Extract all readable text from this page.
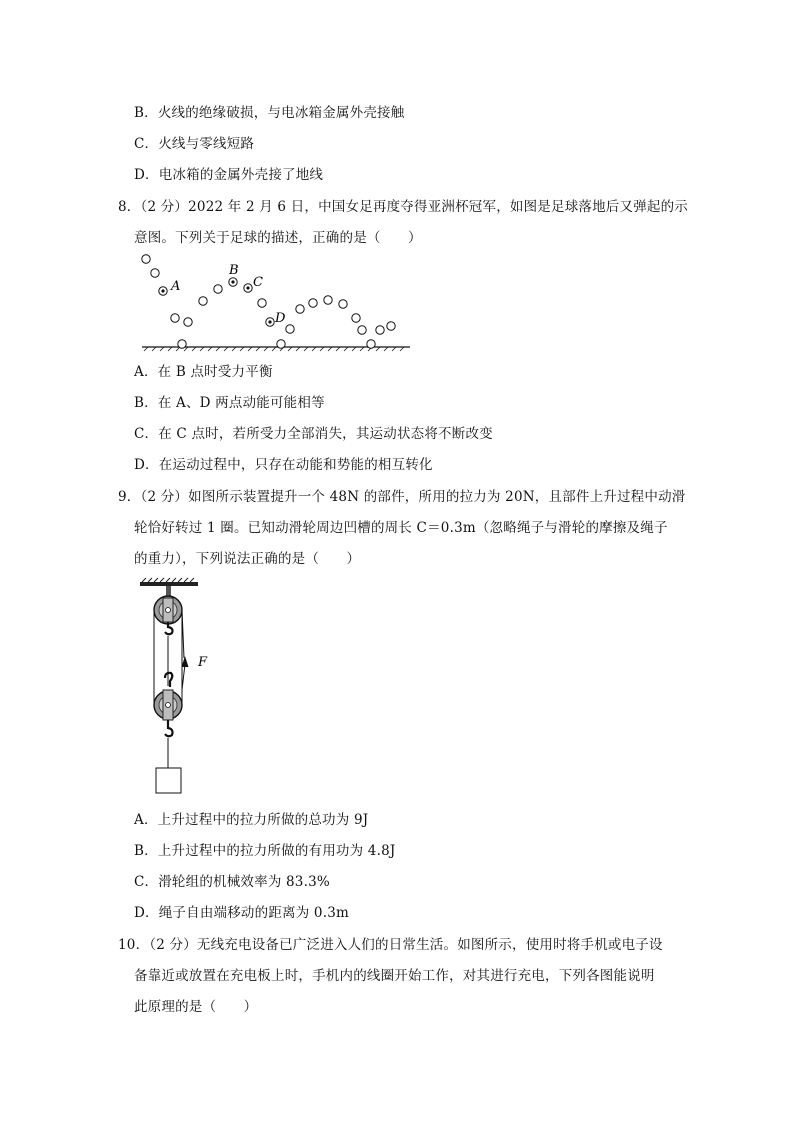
B．火线的绝缘破损，与电冰箱金属外壳接触
C．火线与零线短路
D．电冰箱的金属外壳接了地线
8．（2 分）2022 年 2 月 6 日，中国女足再度夺得亚洲杯冠军，如图是足球落地后又弹起的示
意图。下列关于足球的描述，正确的是（　　）
A
B
C
D
A．在 B 点时受力平衡
B．在 A、D 两点动能可能相等
C．在 C 点时，若所受力全部消失，其运动状态将不断改变
D．在运动过程中，只存在动能和势能的相互转化
9．（2 分）如图所示装置提升一个 48N 的部件，所用的拉力为 20N，且部件上升过程中动滑
轮恰好转过 1 圈。已知动滑轮周边凹槽的周长 C＝0.3m（忽略绳子与滑轮的摩擦及绳子
的重力），下列说法正确的是（　　）
F
A．上升过程中的拉力所做的总功为 9J
B．上升过程中的拉力所做的有用功为 4.8J
C．滑轮组的机械效率为 83.3%
D．绳子自由端移动的距离为 0.3m
10．（2 分）无线充电设备已广泛进入人们的日常生活。如图所示，使用时将手机或电子设
备靠近或放置在充电板上时，手机内的线圈开始工作，对其进行充电，下列各图能说明
此原理的是（　　）
